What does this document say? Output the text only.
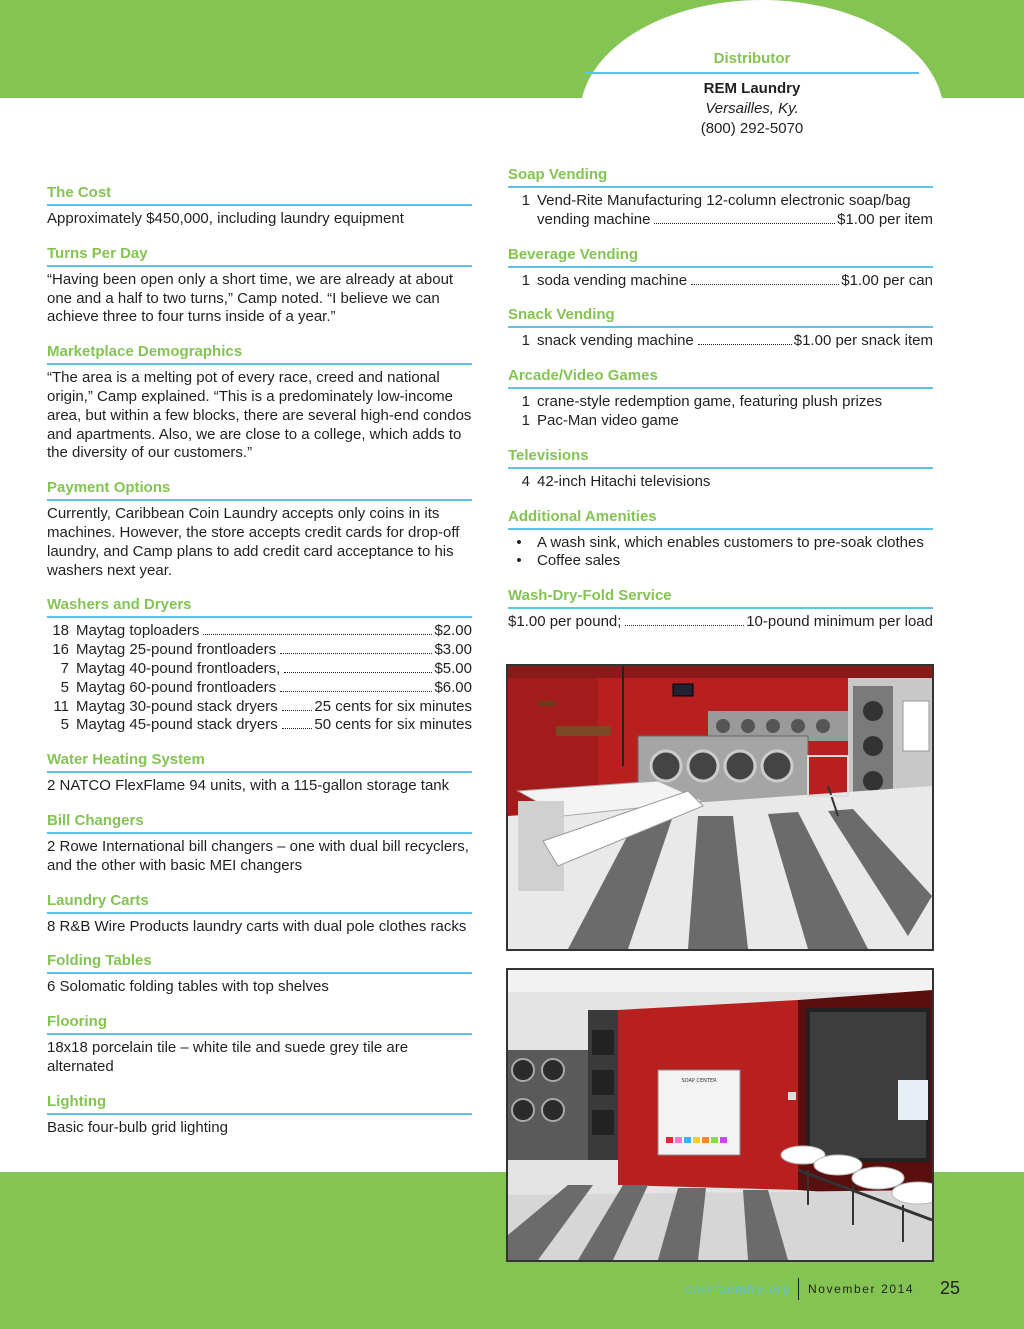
Distributor
REM Laundry
Versailles, Ky.
(800) 292-5070
The Cost

Approximately $450,000, including laundry equipment

Turns Per Day

“Having been open only a short time, we are already at about one and a half to two turns,” Camp noted. “I believe we can achieve three to four turns inside of a year.”

Marketplace Demographics

“The area is a melting pot of every race, creed and national origin,” Camp explained. “This is a predominately low-income area, but within a few blocks, there are several high-end condos and apartments. Also, we are close to a college, which adds to the diversity of our customers.”

Payment Options

Currently, Caribbean Coin Laundry accepts only coins in its machines. However, the store accepts credit cards for drop-off laundry, and Camp plans to add credit card acceptance to his washers next year.

Washers and Dryers
18 Maytag toploaders	$2.00
16 Maytag 25-pound frontloaders	$3.00
7 Maytag 40-pound frontloaders,	$5.00
5 Maytag 60-pound frontloaders	$6.00
11 Maytag 30-pound stack dryers 25 cents for six minutes
5 Maytag 45-pound stack dryers 50 cents for six minutes
Water Heating System

2 NATCO FlexFlame 94 units, with a 115-gallon storage tank

Bill Changers

2 Rowe International bill changers – one with dual bill recyclers, and the other with basic MEI changers

Laundry Carts

8 R&B Wire Products laundry carts with dual pole clothes racks

Folding Tables

6 Solomatic folding tables with top shelves

Flooring

18x18 porcelain tile – white tile and suede grey tile are alternated

Lighting

Basic four-bulb grid lighting

Soap Vending
1 Vend-Rite Manufacturing 12-column electronic soap/bag
vending machine	$1.00 per item
Beverage Vending
1 soda vending machine	$1.00 per can
Snack Vending
1 snack vending machine	$1.00 per snack item
Arcade/Video Games
1 crane-style redemption game, featuring plush prizes
1 Pac-Man video game
Televisions
4 42-inch Hitachi televisions
Additional Amenities
•	A wash sink, which enables customers to pre-soak clothes
•	Coffee sales
Wash-Dry-Fold Service
$1.00 per pound;	10-pound minimum per load
SOAP CENTER
coinlaundry.org	November 2014	25
